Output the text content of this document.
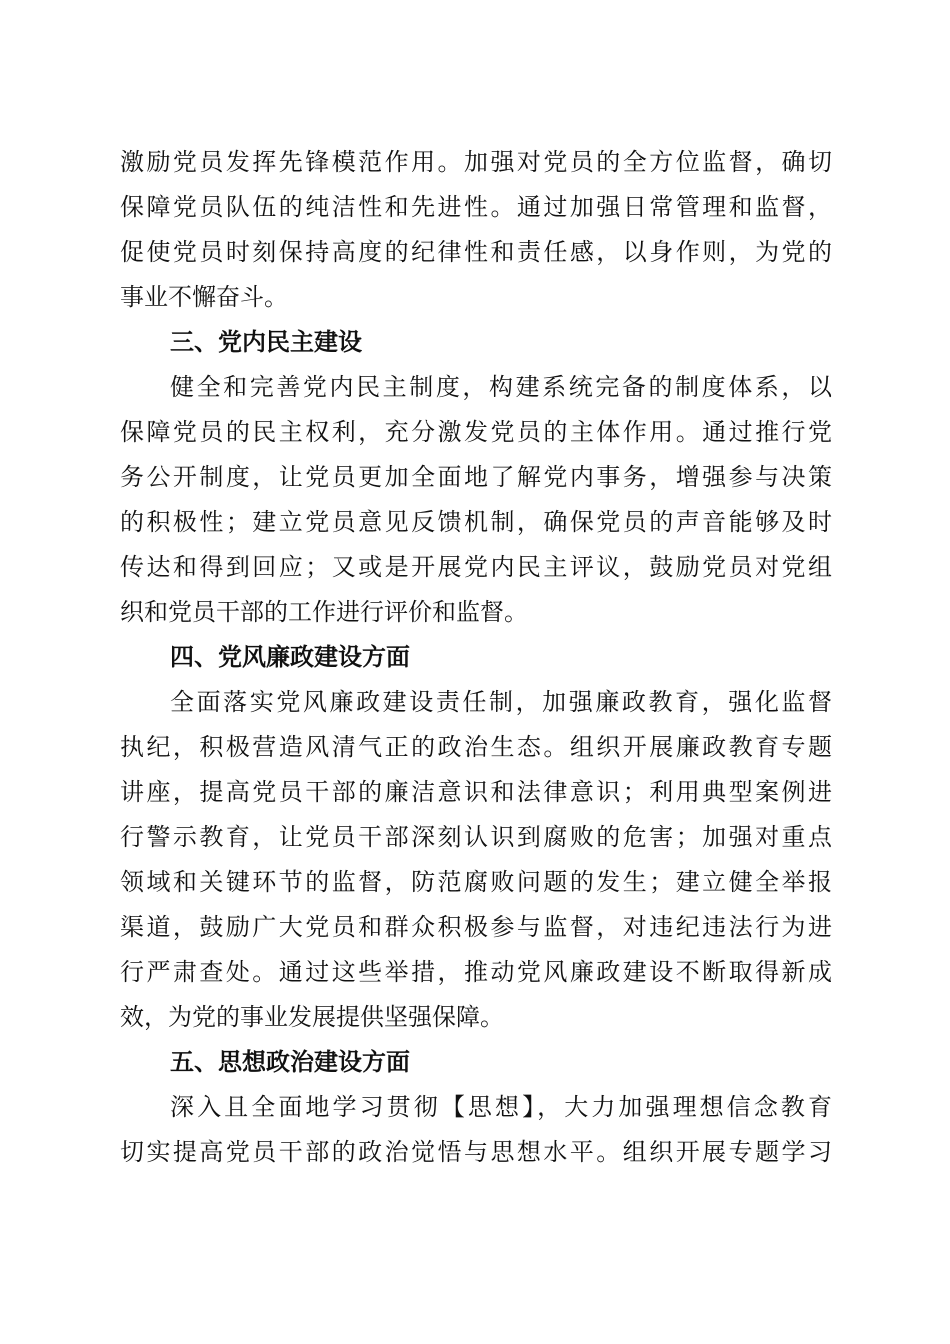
激励党员发挥先锋模范作用。加强对党员的全方位监督，确切
保障党员队伍的纯洁性和先进性。通过加强日常管理和监督，
促使党员时刻保持高度的纪律性和责任感，以身作则，为党的
事业不懈奋斗。
三、党内民主建设
健全和完善党内民主制度，构建系统完备的制度体系，以
保障党员的民主权利，充分激发党员的主体作用。通过推行党
务公开制度，让党员更加全面地了解党内事务，增强参与决策
的积极性；建立党员意见反馈机制，确保党员的声音能够及时
传达和得到回应；又或是开展党内民主评议，鼓励党员对党组
织和党员干部的工作进行评价和监督。
四、党风廉政建设方面
全面落实党风廉政建设责任制，加强廉政教育，强化监督
执纪，积极营造风清气正的政治生态。组织开展廉政教育专题
讲座，提高党员干部的廉洁意识和法律意识；利用典型案例进
行警示教育，让党员干部深刻认识到腐败的危害；加强对重点
领域和关键环节的监督，防范腐败问题的发生；建立健全举报
渠道，鼓励广大党员和群众积极参与监督，对违纪违法行为进
行严肃查处。通过这些举措，推动党风廉政建设不断取得新成
效，为党的事业发展提供坚强保障。
五、思想政治建设方面
深入且全面地学习贯彻【思想】，大力加强理想信念教育
切实提高党员干部的政治觉悟与思想水平。组织开展专题学习
